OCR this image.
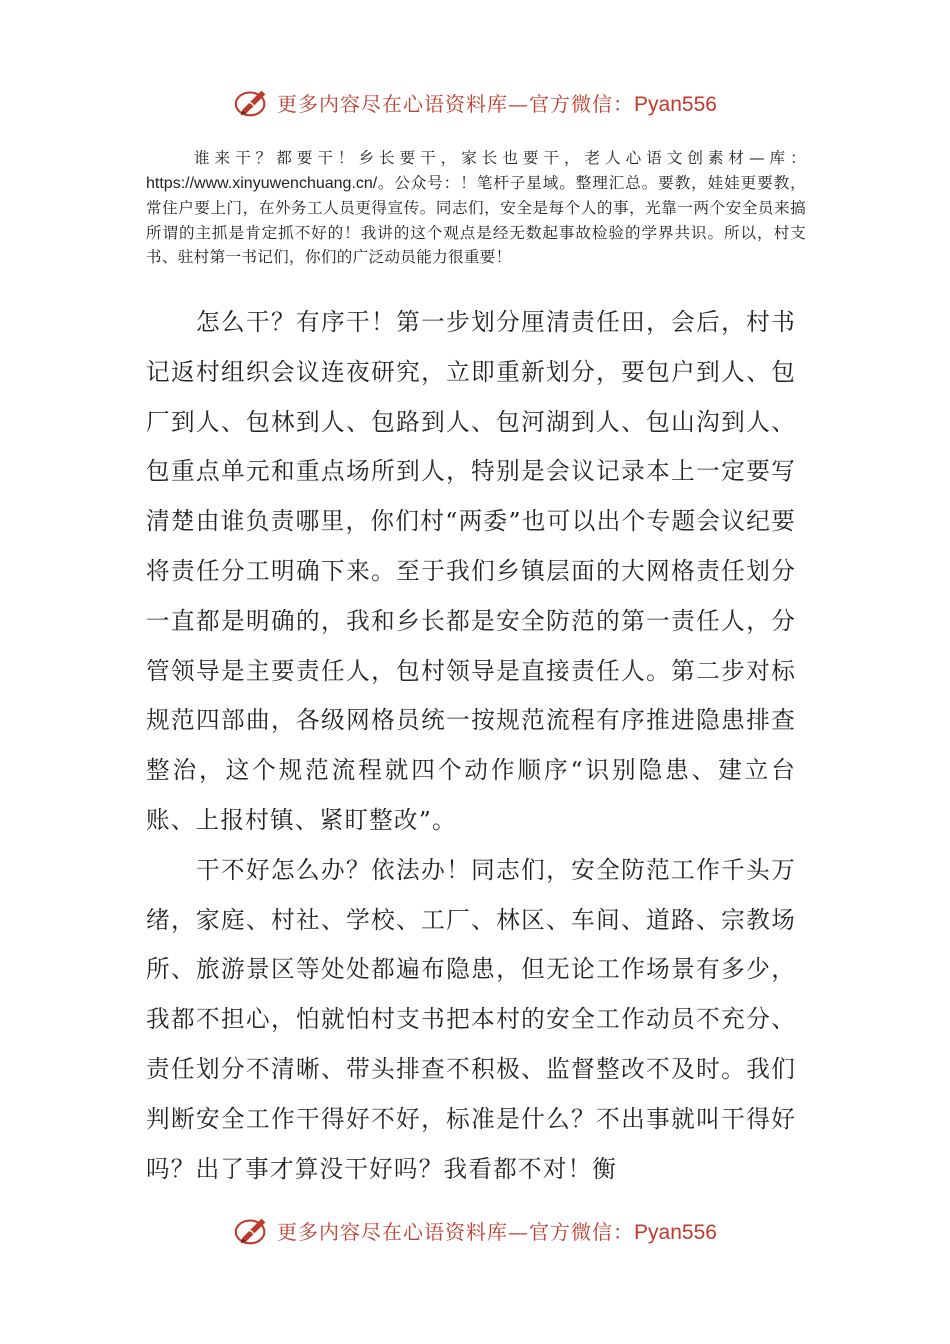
更多内容尽在心语资料库—官方微信：Pyan556

谁来干？都要干！乡长要干，家长也要干，老人心语文创素材—库：https://www.xinyuwenchuang.cn/。公众号：！笔杆子星域。整理汇总。要教，娃娃更要教，常住户要上门，在外务工人员更得宣传。同志们，安全是每个人的事，光靠一两个安全员来搞所谓的主抓是肯定抓不好的！我讲的这个观点是经无数起事故检验的学界共识。所以，村支书、驻村第一书记们，你们的广泛动员能力很重要！

怎么干？有序干！第一步划分厘清责任田，会后，村书记返村组织会议连夜研究，立即重新划分，要包户到人、包厂到人、包林到人、包路到人、包河湖到人、包山沟到人、包重点单元和重点场所到人，特别是会议记录本上一定要写清楚由谁负责哪里，你们村“两委”也可以出个专题会议纪要将责任分工明确下来。至于我们乡镇层面的大网格责任划分一直都是明确的，我和乡长都是安全防范的第一责任人，分管领导是主要责任人，包村领导是直接责任人。第二步对标规范四部曲，各级网格员统一按规范流程有序推进隐患排查整治，这个规范流程就四个动作顺序“识别隐患、建立台账、上报村镇、紧盯整改”。

干不好怎么办？依法办！同志们，安全防范工作千头万绪，家庭、村社、学校、工厂、林区、车间、道路、宗教场所、旅游景区等处处都遍布隐患，但无论工作场景有多少，我都不担心，怕就怕村支书把本村的安全工作动员不充分、责任划分不清晰、带头排查不积极、监督整改不及时。我们判断安全工作干得好不好，标准是什么？不出事就叫干得好吗？出了事才算没干好吗？我看都不对！衡

更多内容尽在心语资料库—官方微信：Pyan556
